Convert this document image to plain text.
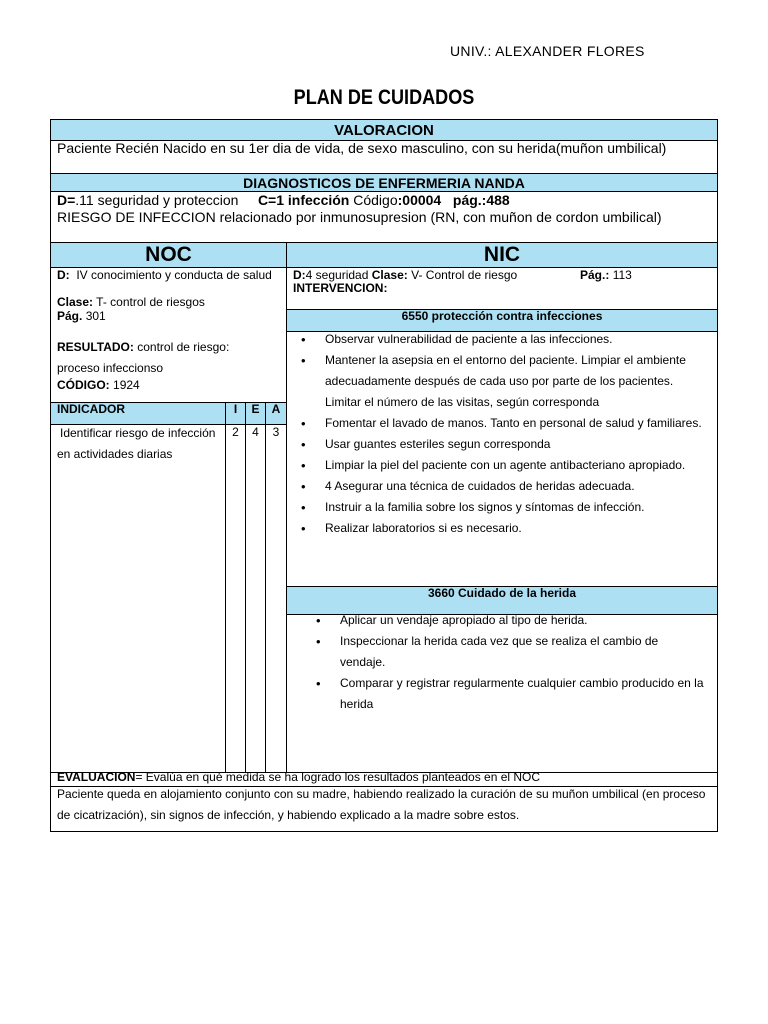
UNIV.: ALEXANDER FLORES
PLAN DE CUIDADOS
VALORACION
Paciente Recién Nacido en su 1er dia de vida, de sexo masculino, con su herida(muñon umbilical)
DIAGNOSTICOS DE ENFERMERIA NANDA
D=.11 seguridad y proteccion C=1 infección Código:00004 pág.:488
RIESGO DE INFECCION relacionado por inmunosupresion (RN, con muñon de cordon umbilical)
NOC	NIC
D: IV conocimiento y conducta de salud
Clase: T- control de riesgos
Pág. 301
RESULTADO: control de riesgo: proceso infeccionso
CÓDIGO: 1924
INDICADOR	I	E	A
Identificar riesgo de infección en actividades diarias
2	4	3
D:4 seguridad Clase: V- Control de riesgo	Pág.: 113
INTERVENCION:
6550 protección contra infecciones
• Observar vulnerabilidad de paciente a las infecciones.
• Mantener la asepsia en el entorno del paciente. Limpiar el ambiente adecuadamente después de cada uso por parte de los pacientes. Limitar el número de las visitas, según corresponda
• Fomentar el lavado de manos. Tanto en personal de salud y familiares.
• Usar guantes esteriles segun corresponda
• Limpiar la piel del paciente con un agente antibacteriano apropiado.
• 4 Asegurar una técnica de cuidados de heridas adecuada.
• Instruir a la familia sobre los signos y síntomas de infección.
• Realizar laboratorios si es necesario.
3660 Cuidado de la herida
• Aplicar un vendaje apropiado al tipo de herida.
• Inspeccionar la herida cada vez que se realiza el cambio de vendaje.
• Comparar y registrar regularmente cualquier cambio producido en la herida
EVALUACION= Evalúa en qué medida se ha logrado los resultados planteados en el NOC
Paciente queda en alojamiento conjunto con su madre, habiendo realizado la curación de su muñon umbilical (en proceso de cicatrización), sin signos de infección, y habiendo explicado a la madre sobre estos.
